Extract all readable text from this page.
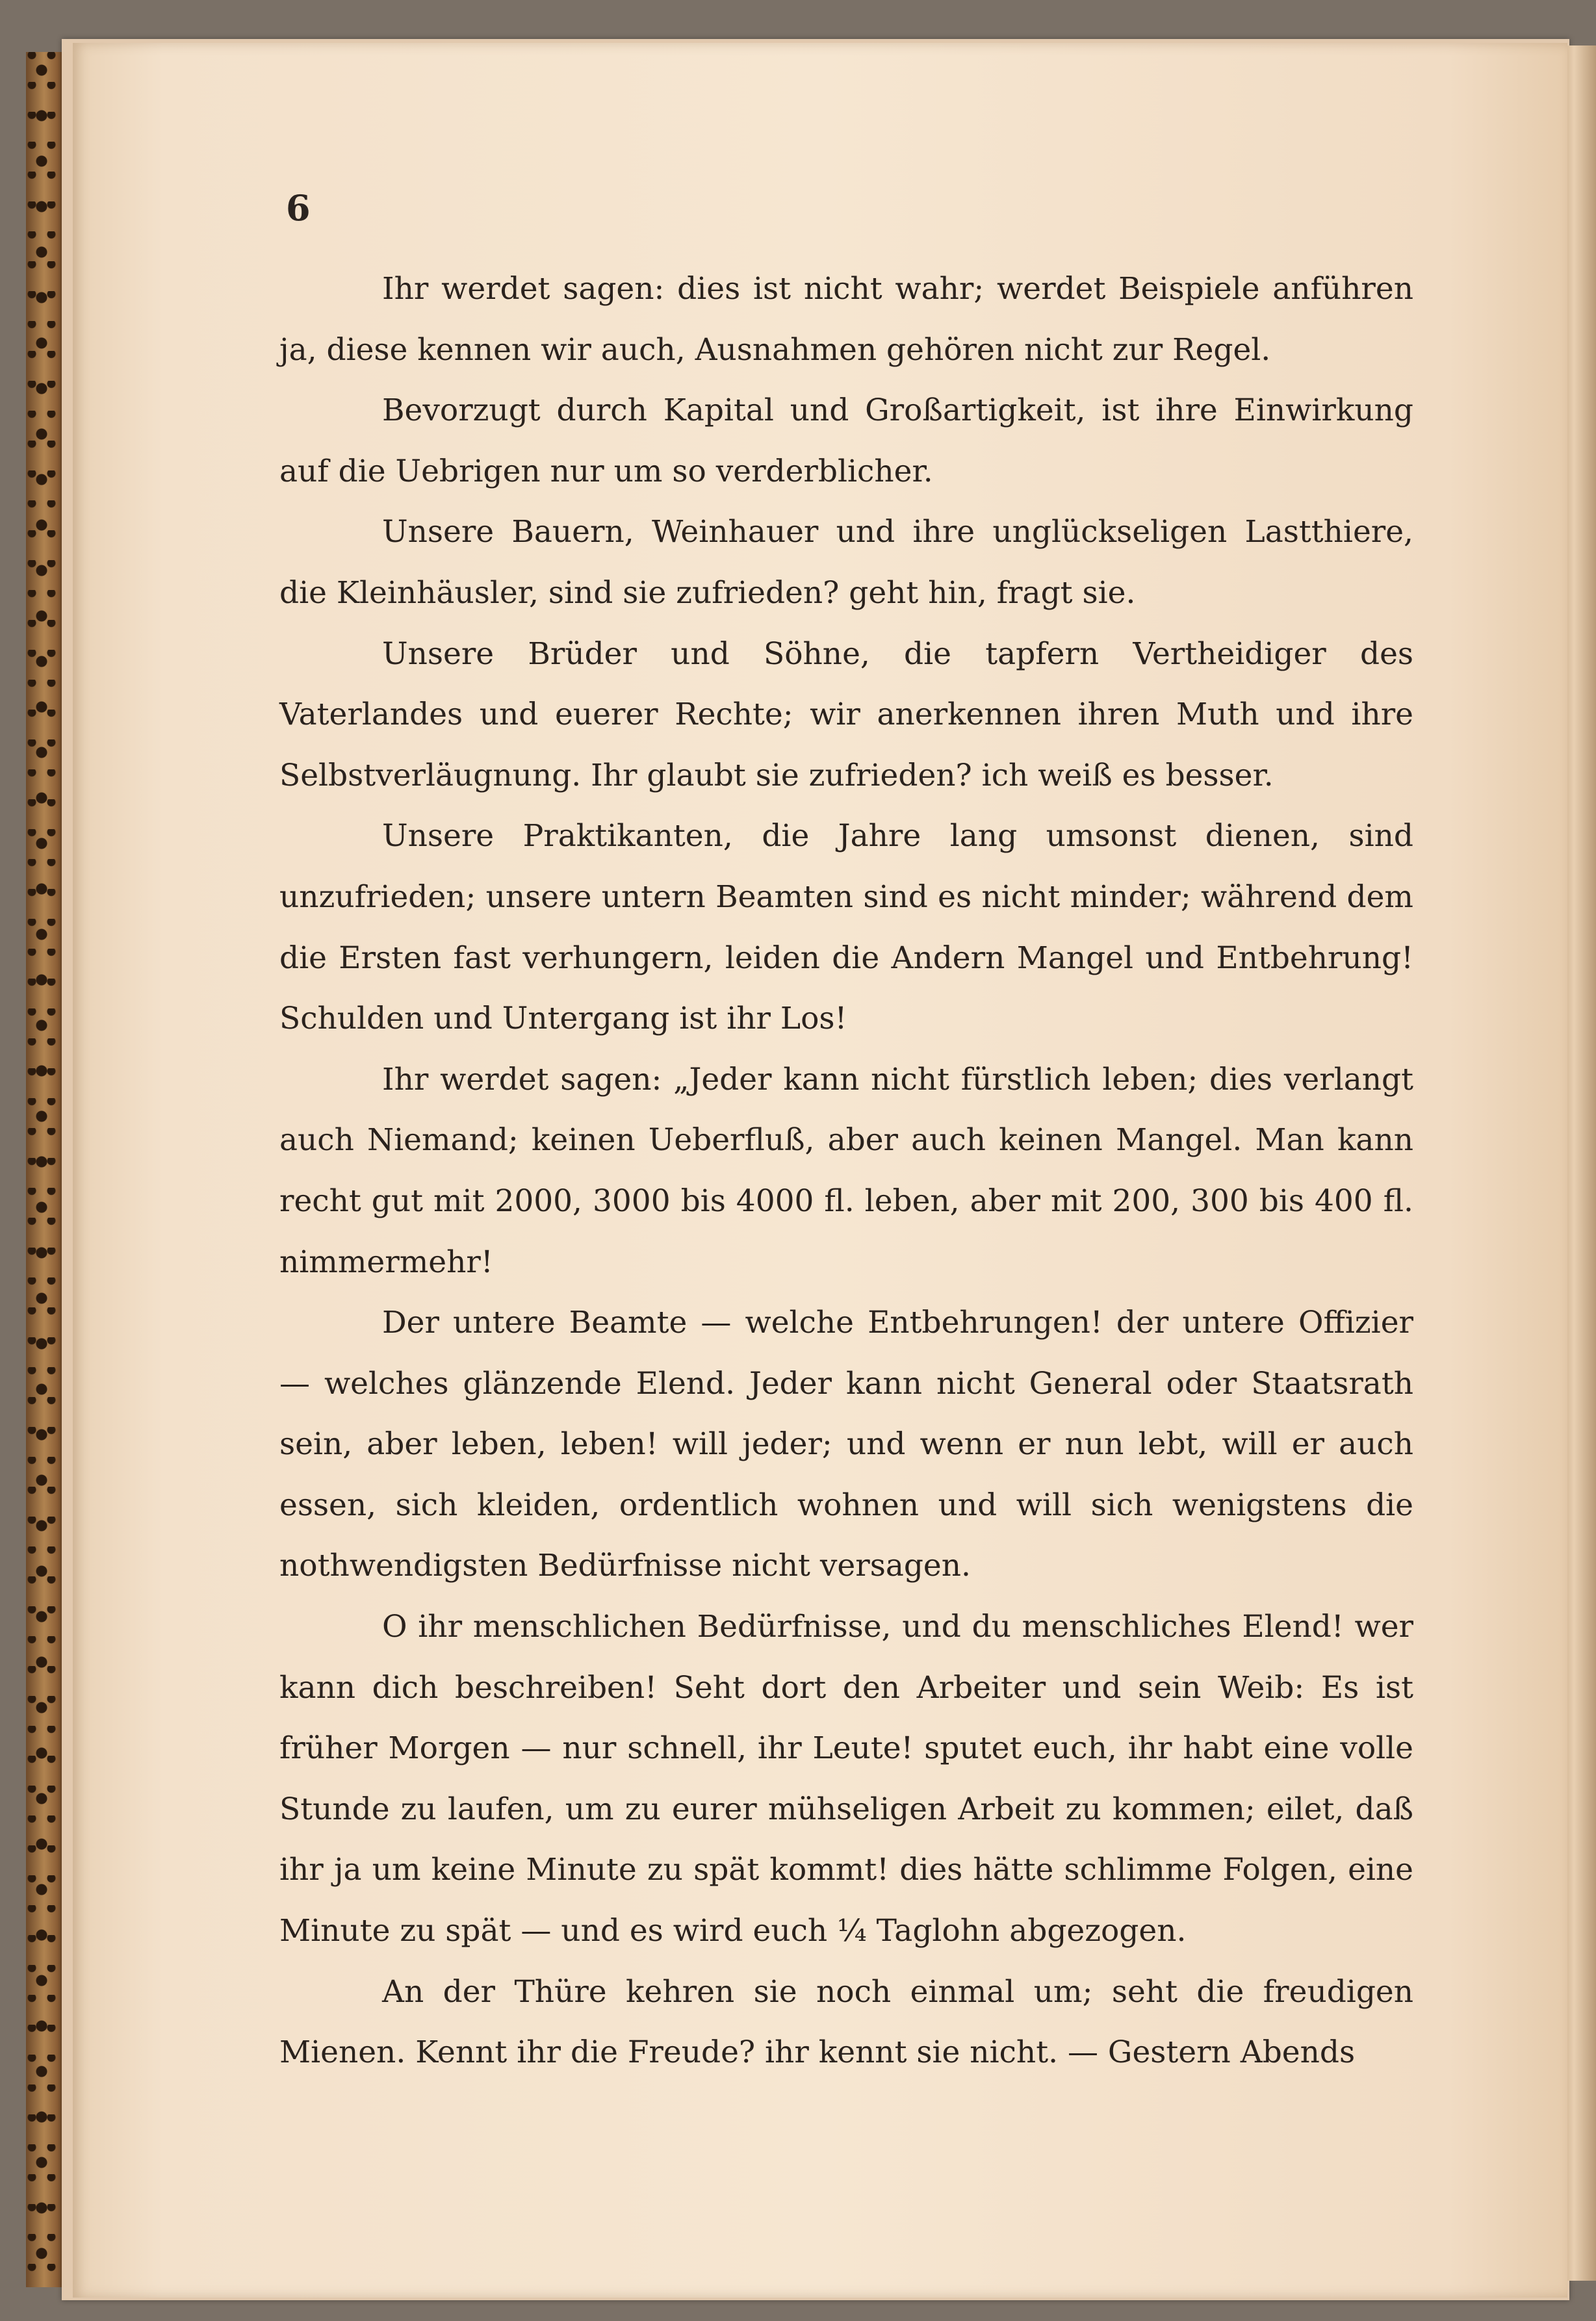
6

Ihr werdet sagen: dies ist nicht wahr; werdet Beispiele anführen ja, diese kennen wir auch, Ausnahmen gehören nicht zur Regel.

Bevorzugt durch Kapital und Großartigkeit, ist ihre Einwirkung auf die Uebrigen nur um so verderblicher.

Unsere Bauern, Weinhauer und ihre unglückseligen Lastthiere, die Kleinhäusler, sind sie zufrieden? geht hin, fragt sie.

Unsere Brüder und Söhne, die tapfern Vertheidiger des Vaterlandes und euerer Rechte; wir anerkennen ihren Muth und ihre Selbstverläugnung. Ihr glaubt sie zufrieden? ich weiß es besser.

Unsere Praktikanten, die Jahre lang umsonst dienen, sind unzufrieden; unsere untern Beamten sind es nicht minder; während dem die Ersten fast verhungern, leiden die Andern Mangel und Entbehrung! Schulden und Untergang ist ihr Los!

Ihr werdet sagen: „Jeder kann nicht fürstlich leben; dies verlangt auch Niemand; keinen Ueberfluß, aber auch keinen Mangel. Man kann recht gut mit 2000, 3000 bis 4000 fl. leben, aber mit 200, 300 bis 400 fl. nimmermehr!

Der untere Beamte — welche Entbehrungen! der untere Offizier — welches glänzende Elend. Jeder kann nicht General oder Staatsrath sein, aber leben, leben! will jeder; und wenn er nun lebt, will er auch essen, sich kleiden, ordentlich wohnen und will sich wenigstens die nothwendigsten Bedürfnisse nicht versagen.

O ihr menschlichen Bedürfnisse, und du menschliches Elend! wer kann dich beschreiben! Seht dort den Arbeiter und sein Weib: Es ist früher Morgen — nur schnell, ihr Leute! sputet euch, ihr habt eine volle Stunde zu laufen, um zu eurer mühseligen Arbeit zu kommen; eilet, daß ihr ja um keine Minute zu spät kommt! dies hätte schlimme Folgen, eine Minute zu spät — und es wird euch ¼ Taglohn abgezogen.

An der Thüre kehren sie noch einmal um; seht die freudigen Mienen. Kennt ihr die Freude? ihr kennt sie nicht. — Gestern Abends
